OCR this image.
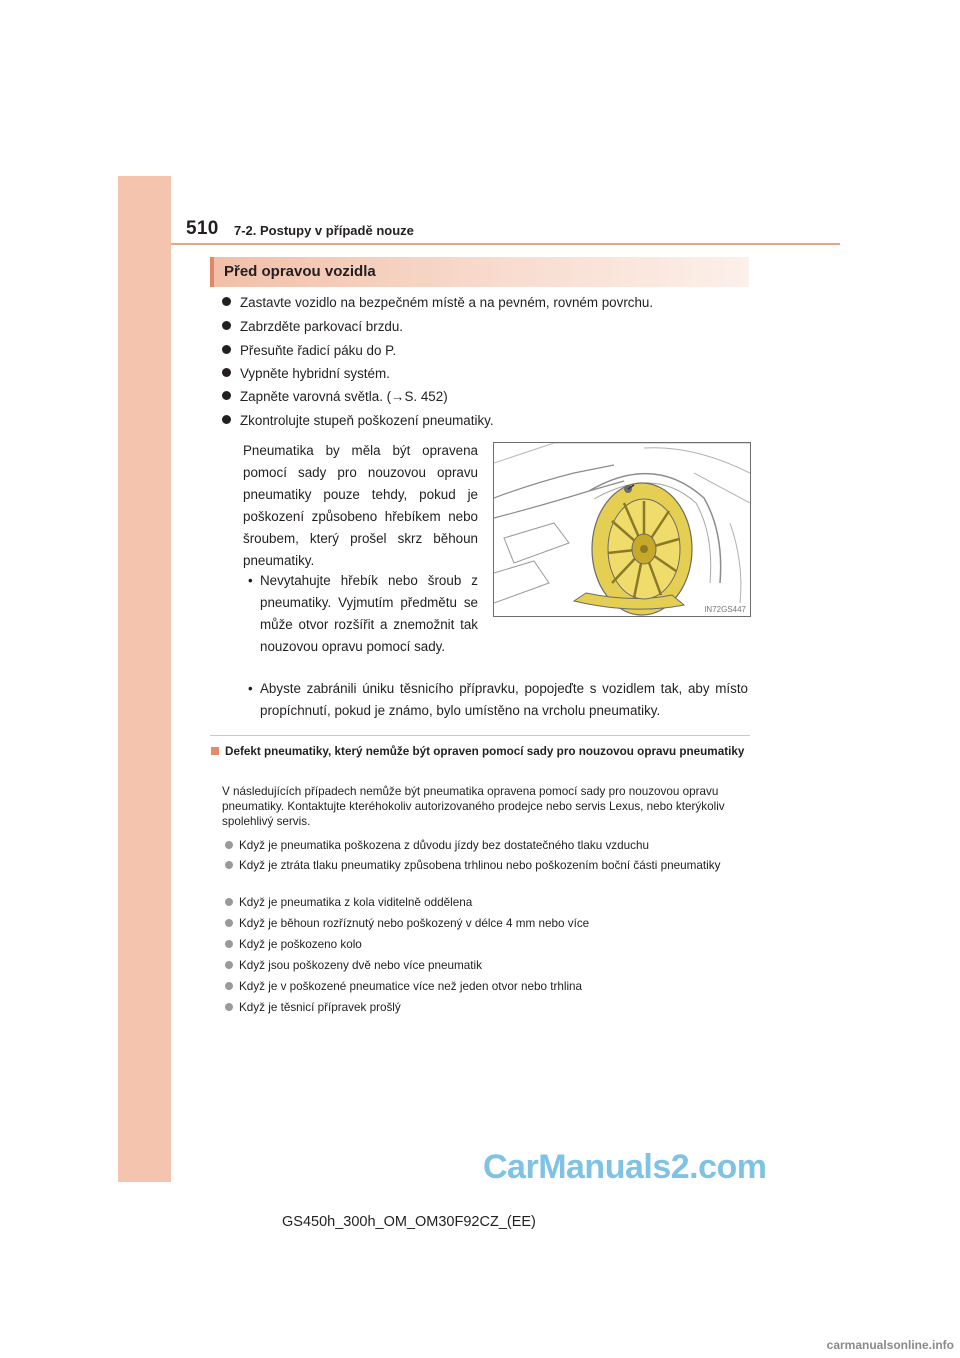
510 7-2. Postupy v případě nouze
Před opravou vozidla
Zastavte vozidlo na bezpečném místě a na pevném, rovném povrchu.
Zabrzděte parkovací brzdu.
Přesuňte řadicí páku do P.
Vypněte hybridní systém.
Zapněte varovná světla. (→S. 452)
Zkontrolujte stupeň poškození pneumatiky.
Pneumatika by měla být opravena pomocí sady pro nouzovou opravu pneumatiky pouze tehdy, pokud je poškození způsobeno hřebíkem nebo šroubem, který prošel skrz běhoun pneumatiky.
• Nevytahujte hřebík nebo šroub z pneumatiky. Vyjmutím předmětu se může otvor rozšířit a znemožnit tak nouzovou opravu pomocí sady.
• Abyste zabránili úniku těsnicího přípravku, popojeďte s vozidlem tak, aby místo propíchnutí, pokud je známo, bylo umístěno na vrcholu pneumatiky.
IN72GS447
Defekt pneumatiky, který nemůže být opraven pomocí sady pro nouzovou opravu pneumatiky
V následujících případech nemůže být pneumatika opravena pomocí sady pro nouzovou opravu pneumatiky. Kontaktujte kteréhokoliv autorizovaného prodejce nebo servis Lexus, nebo kterýkoliv spolehlivý servis.
Když je pneumatika poškozena z důvodu jízdy bez dostatečného tlaku vzduchu
Když je ztráta tlaku pneumatiky způsobena trhlinou nebo poškozením boční části pneumatiky
Když je pneumatika z kola viditelně oddělena
Když je běhoun rozříznutý nebo poškozený v délce 4 mm nebo více
Když je poškozeno kolo
Když jsou poškozeny dvě nebo více pneumatik
Když je v poškozené pneumatice více než jeden otvor nebo trhlina
Když je těsnicí přípravek prošlý
CarManuals2.com
GS450h_300h_OM_OM30F92CZ_(EE)
carmanualsonline.info
